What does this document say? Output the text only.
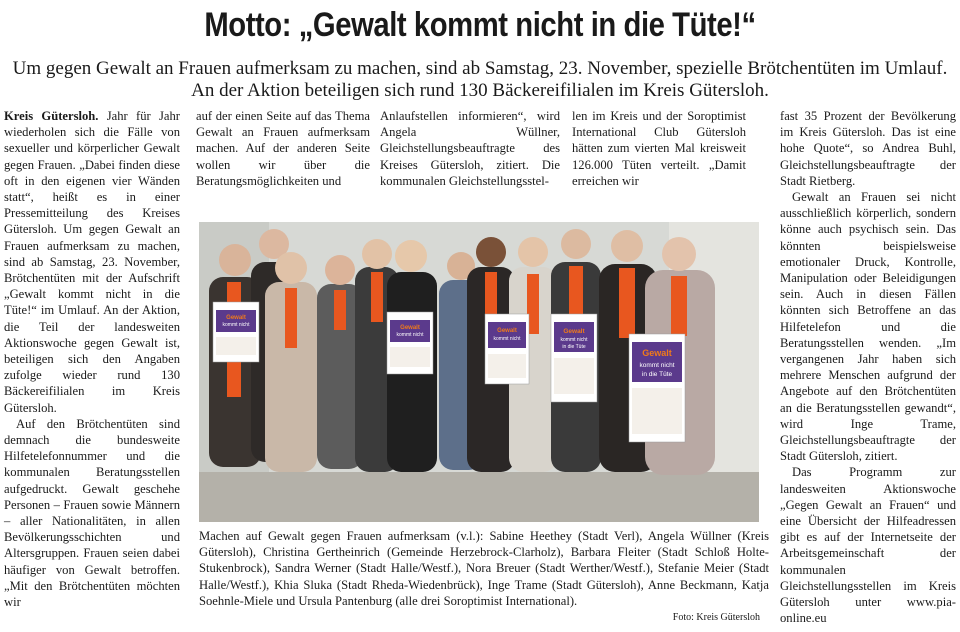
Motto: „Gewalt kommt nicht in die Tüte!“
Um gegen Gewalt an Frauen aufmerksam zu machen, sind ab Samstag, 23. November, spezielle Brötchentüten im Umlauf.
An der Aktion beteiligen sich rund 130 Bäckereifilialen im Kreis Gütersloh.

Kreis Gütersloh. Jahr für Jahr wiederholen sich die Fälle von sexueller und körperlicher Gewalt gegen Frauen. „Dabei finden diese oft in den eigenen vier Wänden statt“, heißt es in einer Pressemitteilung des Kreises Gütersloh. Um gegen Gewalt an Frauen aufmerksam zu machen, sind ab Samstag, 23. November, Brötchentüten mit der Aufschrift „Gewalt kommt nicht in die Tüte!“ im Umlauf. An der Aktion, die Teil der landesweiten Aktionswoche gegen Gewalt ist, beteiligen sich den Angaben zufolge wieder rund 130 Bäckereifilialen im Kreis Gütersloh.

Auf den Brötchentüten sind demnach die bundesweite Hilfetelefonnummer und die kommunalen Beratungsstellen aufgedruckt. Gewalt geschehe Personen – Frauen sowie Männern – aller Nationalitäten, in allen Bevölkerungsschichten und Altersgruppen. Frauen seien dabei häufiger von Gewalt betroffen. „Mit den Brötchentüten möchten wir

auf der einen Seite auf das Thema Gewalt an Frauen aufmerksam machen. Auf der anderen Seite wollen wir über die Beratungsmöglichkeiten und

Anlaufstellen informieren“, wird Angela Wüllner, Gleichstellungsbeauftragte des Kreises Gütersloh, zitiert. Die kommunalen Gleichstellungsstel-

len im Kreis und der Soroptimist International Club Gütersloh hätten zum vierten Mal kreisweit 126.000 Tüten verteilt. „Damit erreichen wir

fast 35 Prozent der Bevölkerung im Kreis Gütersloh. Das ist eine hohe Quote“, so Andrea Buhl, Gleichstellungsbeauftragte der Stadt Rietberg.

Gewalt an Frauen sei nicht ausschließlich körperlich, sondern könne auch psychisch sein. Das könnten beispielsweise emotionaler Druck, Kontrolle, Manipulation oder Beleidigungen sein. Auch in diesen Fällen könnten sich Betroffene an das Hilfetelefon und die Beratungsstellen wenden. „Im vergangenen Jahr haben sich mehrere Menschen aufgrund der Angebote auf den Brötchentüten an die Beratungsstellen gewandt“, wird Inge Trame, Gleichstellungsbeauftragte der Stadt Gütersloh, zitiert.

Das Programm zur landesweiten Aktionswoche „Gegen Gewalt an Frauen“ und eine Übersicht der Hilfeadressen gibt es auf der Internetseite der Arbeitsgemeinschaft der kommunalen Gleichstellungsstellen im Kreis Gütersloh unter www.pia-online.eu

Gewalt
kommt nicht	Gewalt
kommt nicht
Gewalt
kommt nicht
Gewalt
kommt nicht
in die Tüte
Gewalt
kommt nicht
in die Tüte
Machen auf Gewalt gegen Frauen aufmerksam (v.l.): Sabine Heethey (Stadt Verl), Angela Wüllner (Kreis Gütersloh), Christina Gertheinrich (Gemeinde Herzebrock-Clarholz), Barbara Fleiter (Stadt Schloß Holte-Stukenbrock), Sandra Werner (Stadt Halle/Westf.), Nora Breuer (Stadt Werther/Westf.), Stefanie Meier (Stadt Halle/Westf.), Khia Sluka (Stadt Rheda-Wiedenbrück), Inge Trame (Stadt Gütersloh), Anne Beckmann, Katja Soehnle-Miele und Ursula Pantenburg (alle drei Soroptimist International).
Foto: Kreis Gütersloh
